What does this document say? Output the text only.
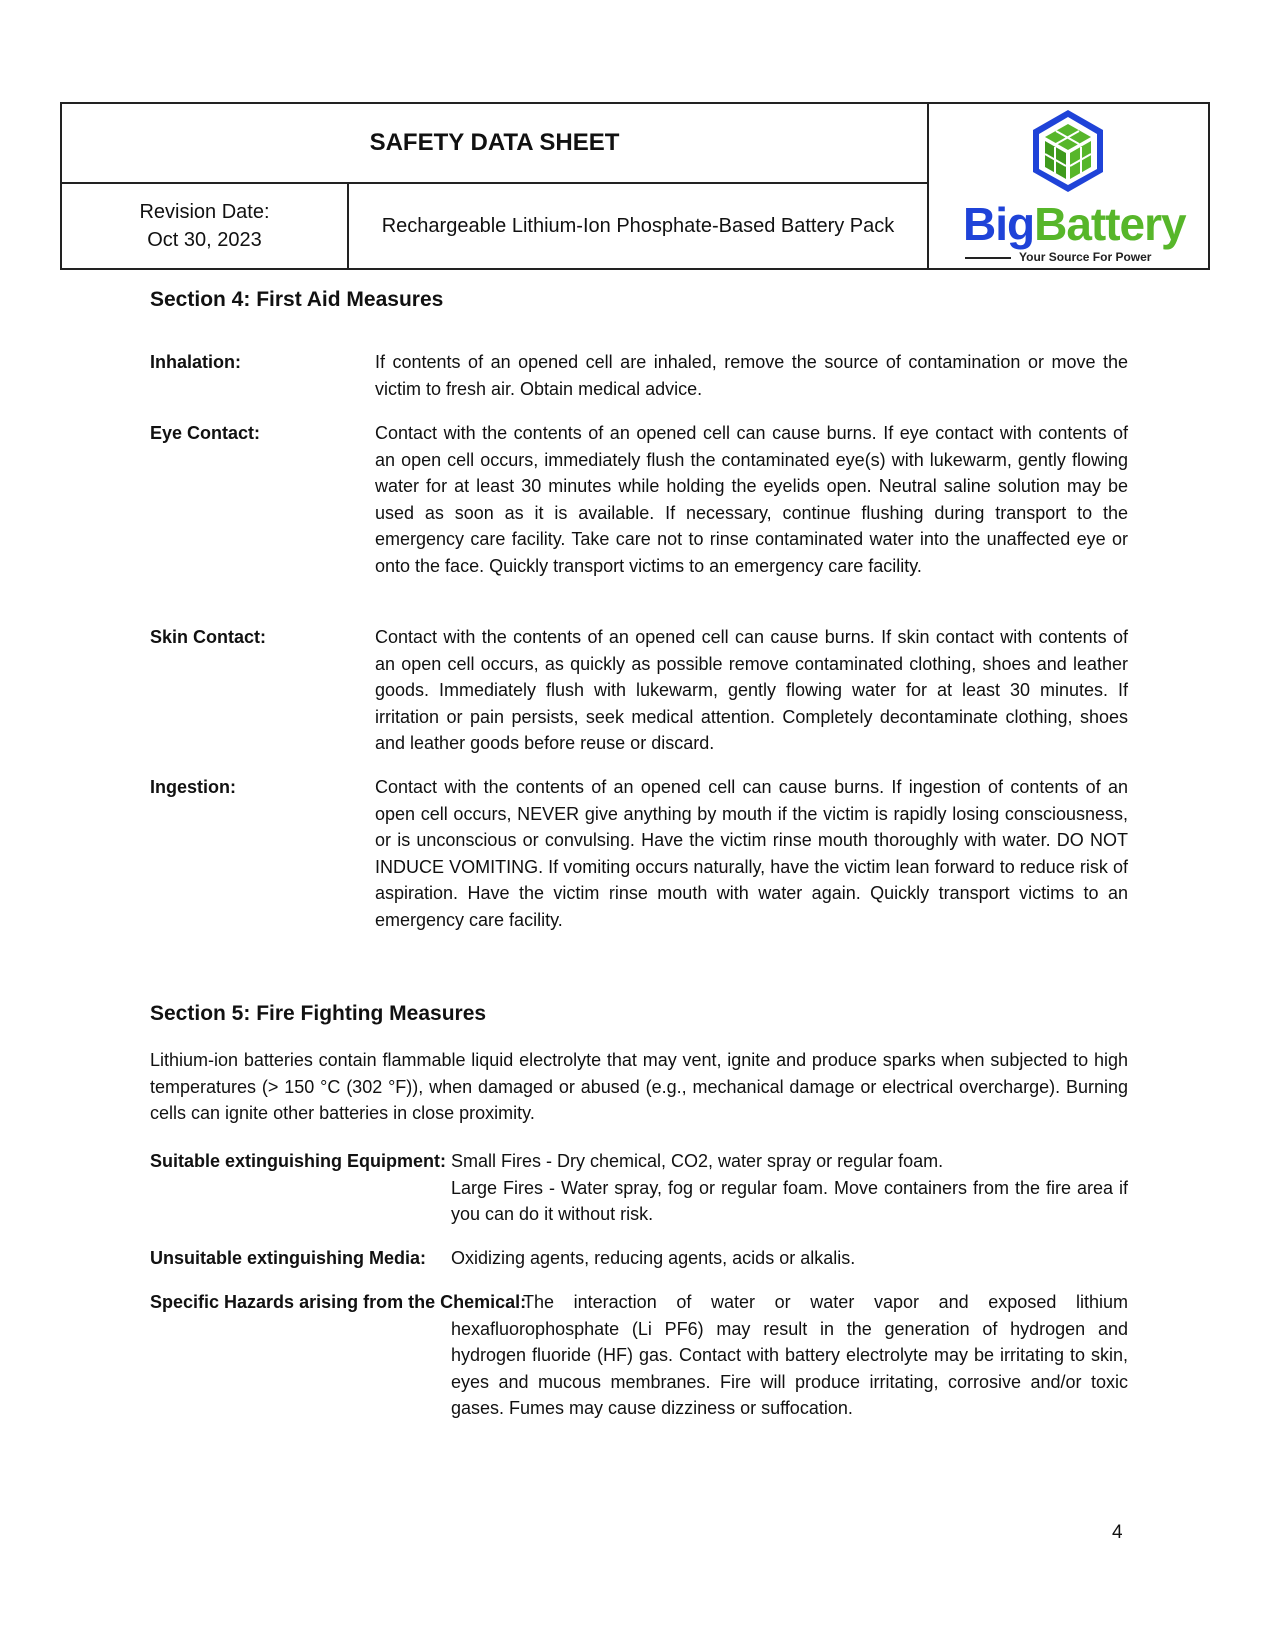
SAFETY DATA SHEET
Revision Date:
Oct 30, 2023
Rechargeable Lithium-Ion Phosphate-Based Battery Pack	BigBattery
Your Source For Power
Section 4: First Aid Measures
Inhalation:	If contents of an opened cell are inhaled, remove the source of contamination or move the victim to fresh air. Obtain medical advice.

Eye Contact:	Contact with the contents of an opened cell can cause burns. If eye contact with contents of an open cell occurs, immediately flush the contaminated eye(s) with lukewarm, gently flowing water for at least 30 minutes while holding the eyelids open. Neutral saline solution may be used as soon as it is available. If necessary, continue flushing during transport to the emergency care facility. Take care not to rinse contaminated water into the unaffected eye or onto the face. Quickly transport victims to an emergency care facility.

Skin Contact:	Contact with the contents of an opened cell can cause burns. If skin contact with contents of an open cell occurs, as quickly as possible remove contaminated clothing, shoes and leather goods. Immediately flush with lukewarm, gently flowing water for at least 30 minutes. If irritation or pain persists, seek medical attention. Completely decontaminate clothing, shoes and leather goods before reuse or discard.

Ingestion:	Contact with the contents of an opened cell can cause burns. If ingestion of contents of an open cell occurs, NEVER give anything by mouth if the victim is rapidly losing consciousness, or is unconscious or convulsing. Have the victim rinse mouth thoroughly with water. DO NOT INDUCE VOMITING. If vomiting occurs naturally, have the victim lean forward to reduce risk of aspiration. Have the victim rinse mouth with water again. Quickly transport victims to an emergency care facility.

Section 5: Fire Fighting Measures

Lithium-ion batteries contain flammable liquid electrolyte that may vent, ignite and produce sparks when subjected to high temperatures (> 150 °C (302 °F)), when damaged or abused (e.g., mechanical damage or electrical overcharge). Burning cells can ignite other batteries in close proximity.

Suitable extinguishing Equipment: Small Fires - Dry chemical, CO2, water spray or regular foam.

Large Fires - Water spray, fog or regular foam. Move containers from the fire area if you can do it without risk.

Unsuitable extinguishing Media: Oxidizing agents, reducing agents, acids or alkalis.

Specific Hazards arising from the Chemical:

The interaction of water or water vapor and exposed lithium

hexafluorophosphate (Li PF6) may result in the generation of hydrogen and hydrogen fluoride (HF) gas. Contact with battery electrolyte may be irritating to skin, eyes and mucous membranes. Fire will produce irritating, corrosive and/or toxic gases. Fumes may cause dizziness or suffocation.

4
